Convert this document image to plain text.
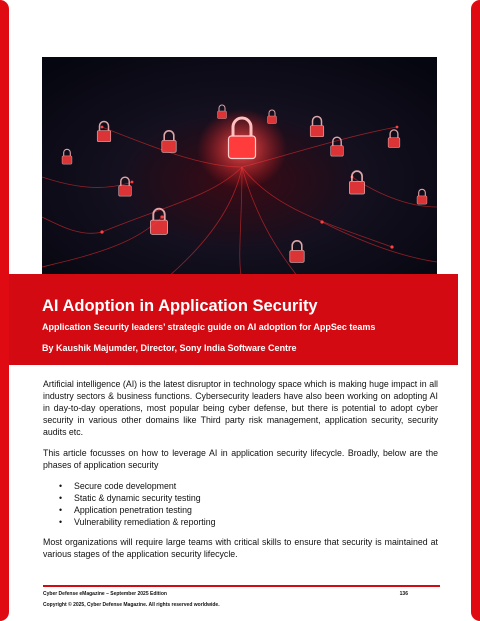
AI Adoption in Application Security
Application Security leaders’ strategic guide on AI adoption for AppSec teams
By Kaushik Majumder, Director, Sony India Software Centre

Artificial intelligence (AI) is the latest disruptor in technology space which is making huge impact in all industry sectors & business functions. Cybersecurity leaders have also been working on adopting AI in day-to-day operations, most popular being cyber defense, but there is potential to adopt cyber security in various other domains like Third party risk management, application security, security audits etc.

This article focusses on how to leverage AI in application security lifecycle. Broadly, below are the phases of application security

•	Secure code development
•	Static & dynamic security testing
•	Application penetration testing
•	Vulnerability remediation & reporting

Most organizations will require large teams with critical skills to ensure that security is maintained at various stages of the application security lifecycle.

Cyber Defense eMagazine – September 2025 Edition	136
Copyright © 2025, Cyber Defense Magazine. All rights reserved worldwide.
